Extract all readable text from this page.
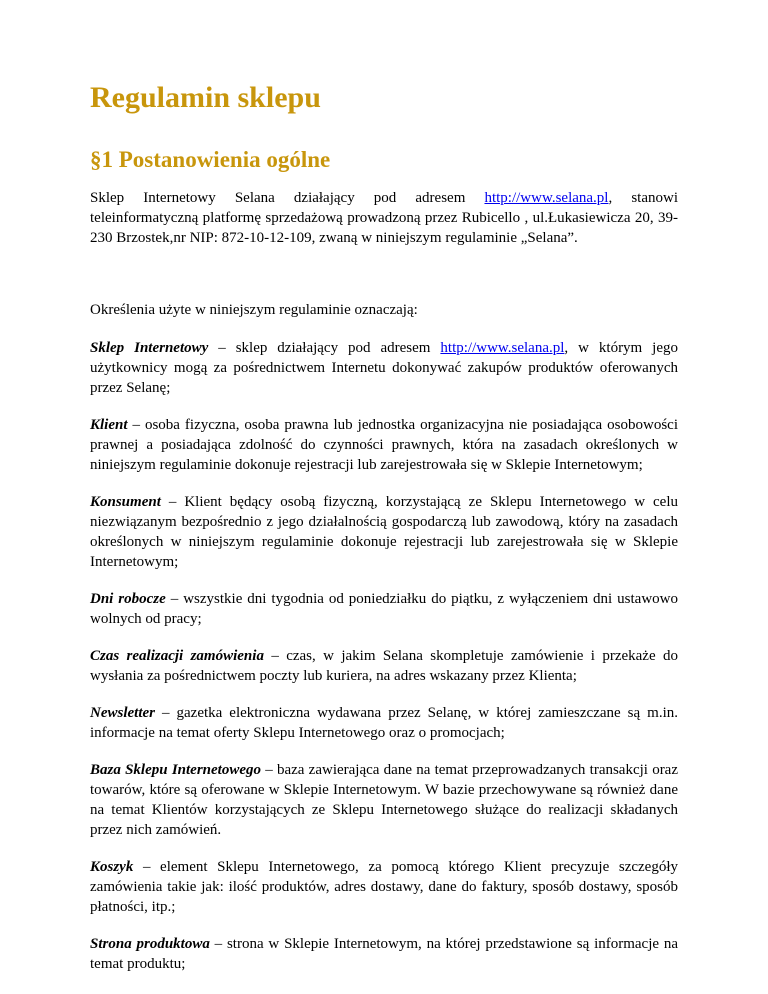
Regulamin sklepu
§1 Postanowienia ogólne

Sklep Internetowy Selana działający pod adresem http://www.selana.pl, stanowi teleinformatyczną platformę sprzedażową prowadzoną przez Rubicello , ul.Łukasiewicza 20, 39-230 Brzostek,nr NIP: 872-10-12-109, zwaną w niniejszym regulaminie „Selana”.

Określenia użyte w niniejszym regulaminie oznaczają:

Sklep Internetowy – sklep działający pod adresem http://www.selana.pl, w którym jego użytkownicy mogą za pośrednictwem Internetu dokonywać zakupów produktów oferowanych przez Selanę;

Klient – osoba fizyczna, osoba prawna lub jednostka organizacyjna nie posiadająca osobowości prawnej a posiadająca zdolność do czynności prawnych, która na zasadach określonych w niniejszym regulaminie dokonuje rejestracji lub zarejestrowała się w Sklepie Internetowym;

Konsument – Klient będący osobą fizyczną, korzystającą ze Sklepu Internetowego w celu niezwiązanym bezpośrednio z jego działalnością gospodarczą lub zawodową, który na zasadach określonych w niniejszym regulaminie dokonuje rejestracji lub zarejestrowała się w Sklepie Internetowym;

Dni robocze – wszystkie dni tygodnia od poniedziałku do piątku, z wyłączeniem dni ustawowo wolnych od pracy;

Czas realizacji zamówienia – czas, w jakim Selana skompletuje zamówienie i przekaże do wysłania za pośrednictwem poczty lub kuriera, na adres wskazany przez Klienta;

Newsletter – gazetka elektroniczna wydawana przez Selanę, w której zamieszczane są m.in. informacje na temat oferty Sklepu Internetowego oraz o promocjach;

Baza Sklepu Internetowego – baza zawierająca dane na temat przeprowadzanych transakcji oraz towarów, które są oferowane w Sklepie Internetowym. W bazie przechowywane są również dane na temat Klientów korzystających ze Sklepu Internetowego służące do realizacji składanych przez nich zamówień.

Koszyk – element Sklepu Internetowego, za pomocą którego Klient precyzuje szczegóły zamówienia takie jak: ilość produktów, adres dostawy, dane do faktury, sposób dostawy, sposób płatności, itp.;

Strona produktowa – strona w Sklepie Internetowym, na której przedstawione są informacje na temat produktu;
